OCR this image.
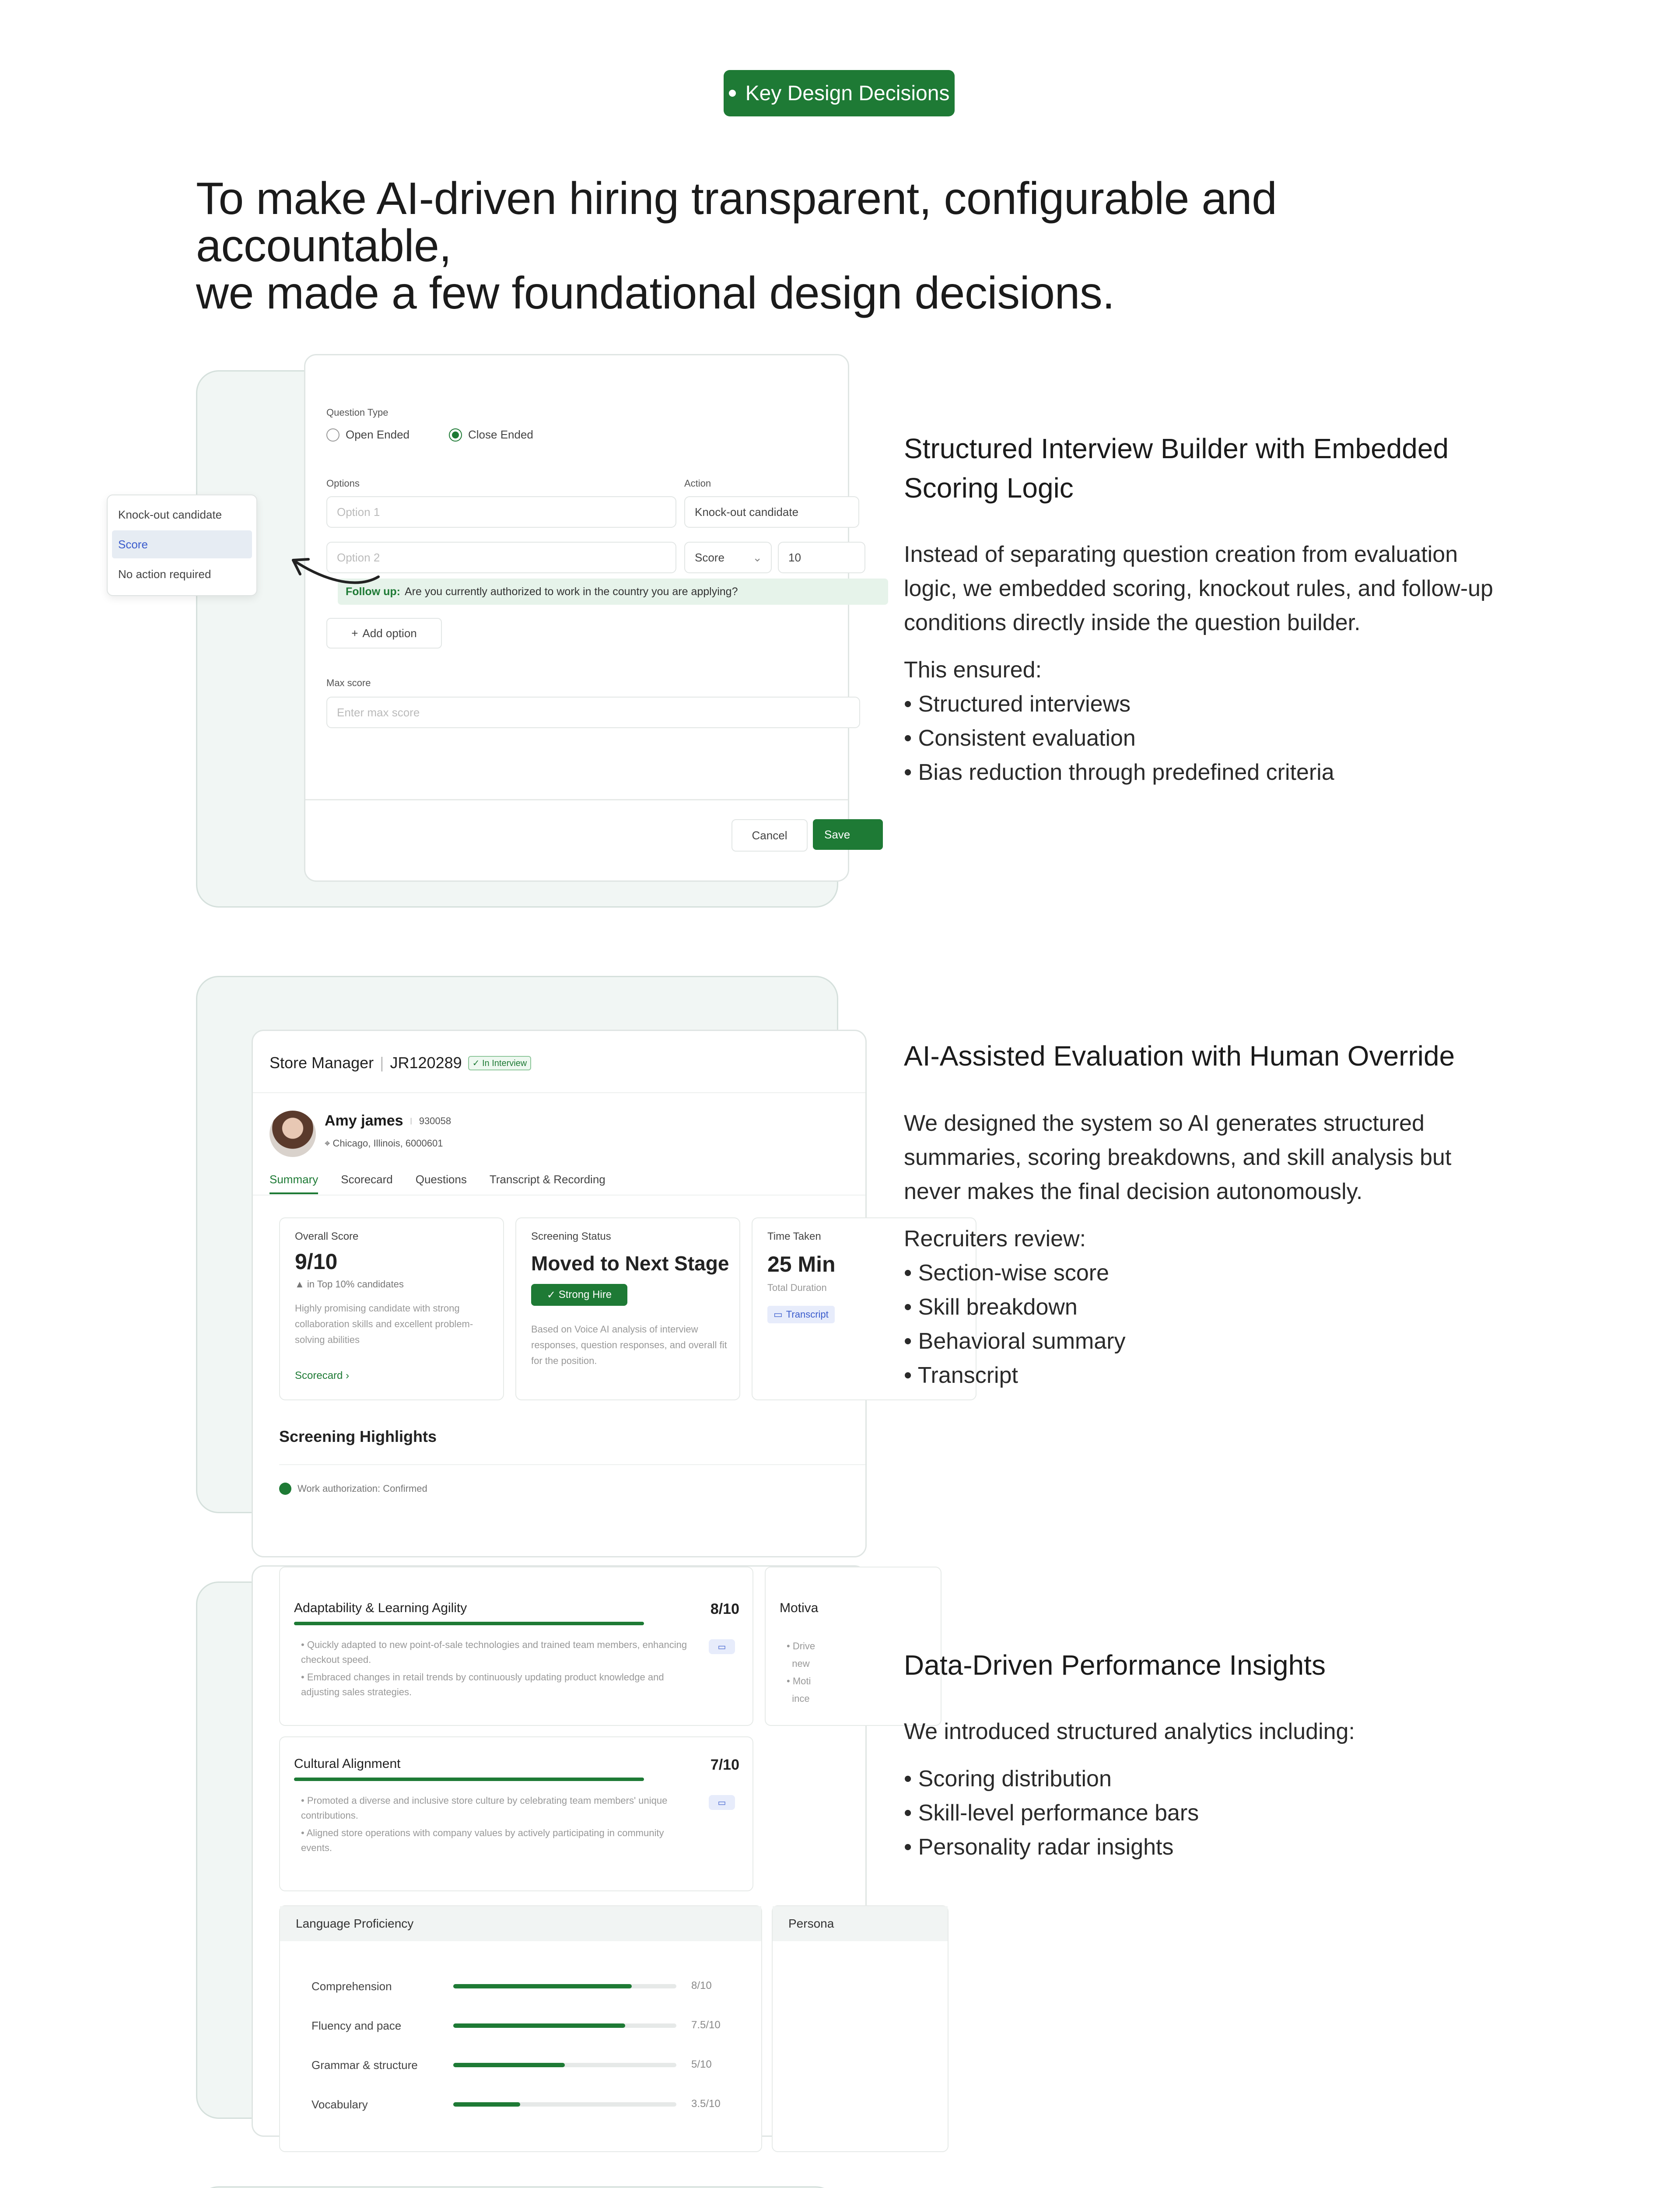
Key Design Decisions
To make AI-driven hiring transparent, configurable and accountable,
we made a few foundational design decisions.
Question Type
Open Ended	Close Ended
Options	Action
Option 1	Knock-out candidate
Option 2	Score ⌄ 10
Follow up: Are you currently authorized to work in the country you are applying?
+ Add option
Max score
Enter max score
Cancel	Save
Knock-out candidate
Score
No action required
Structured Interview Builder with Embedded Scoring Logic

Instead of separating question creation from evaluation logic, we embedded scoring, knockout rules, and follow-up conditions directly inside the question builder.

This ensured:
• Structured interviews
• Consistent evaluation
• Bias reduction through predefined criteria
Store Manager | JR120289	✓ In Interview
Amy james | 930058
⌖ Chicago, Illinois, 6000601
Summary Scorecard Questions Transcript & Recording
Overall Score
9/10
▲ in Top 10% candidates
Highly promising candidate with strong collaboration skills and excellent problem-solving abilities
Scorecard ›
Screening Status
Moved to Next Stage
✓ Strong Hire
Based on Voice AI analysis of interview responses, question responses, and overall fit for the position.
Time Taken
25 Min
Total Duration
▭ Transcript
Screening Highlights
Work authorization: Confirmed
AI-Assisted Evaluation with Human Override

We designed the system so AI generates structured summaries, scoring breakdowns, and skill analysis but never makes the final decision autonomously.

Recruiters review:
• Section-wise score
• Skill breakdown
• Behavioral summary
• Transcript
Adaptability & Learning Agility	8/10
• Quickly adapted to new point-of-sale technologies and trained team members, enhancing checkout speed.
• Embraced changes in retail trends by continuously updating product knowledge and adjusting sales strategies.
▭
Cultural Alignment	7/10
• Promoted a diverse and inclusive store culture by celebrating team members' unique contributions.
• Aligned store operations with company values by actively participating in community events.
▭
Motiva
• Drive
new
• Moti
ince
Language Proficiency
Comprehension	8/10
Fluency and pace	7.5/10
Grammar & structure	5/10
Vocabulary	3.5/10
Persona
Data-Driven Performance Insights

We introduced structured analytics including:

• Scoring distribution
• Skill-level performance bars
• Personality radar insights
